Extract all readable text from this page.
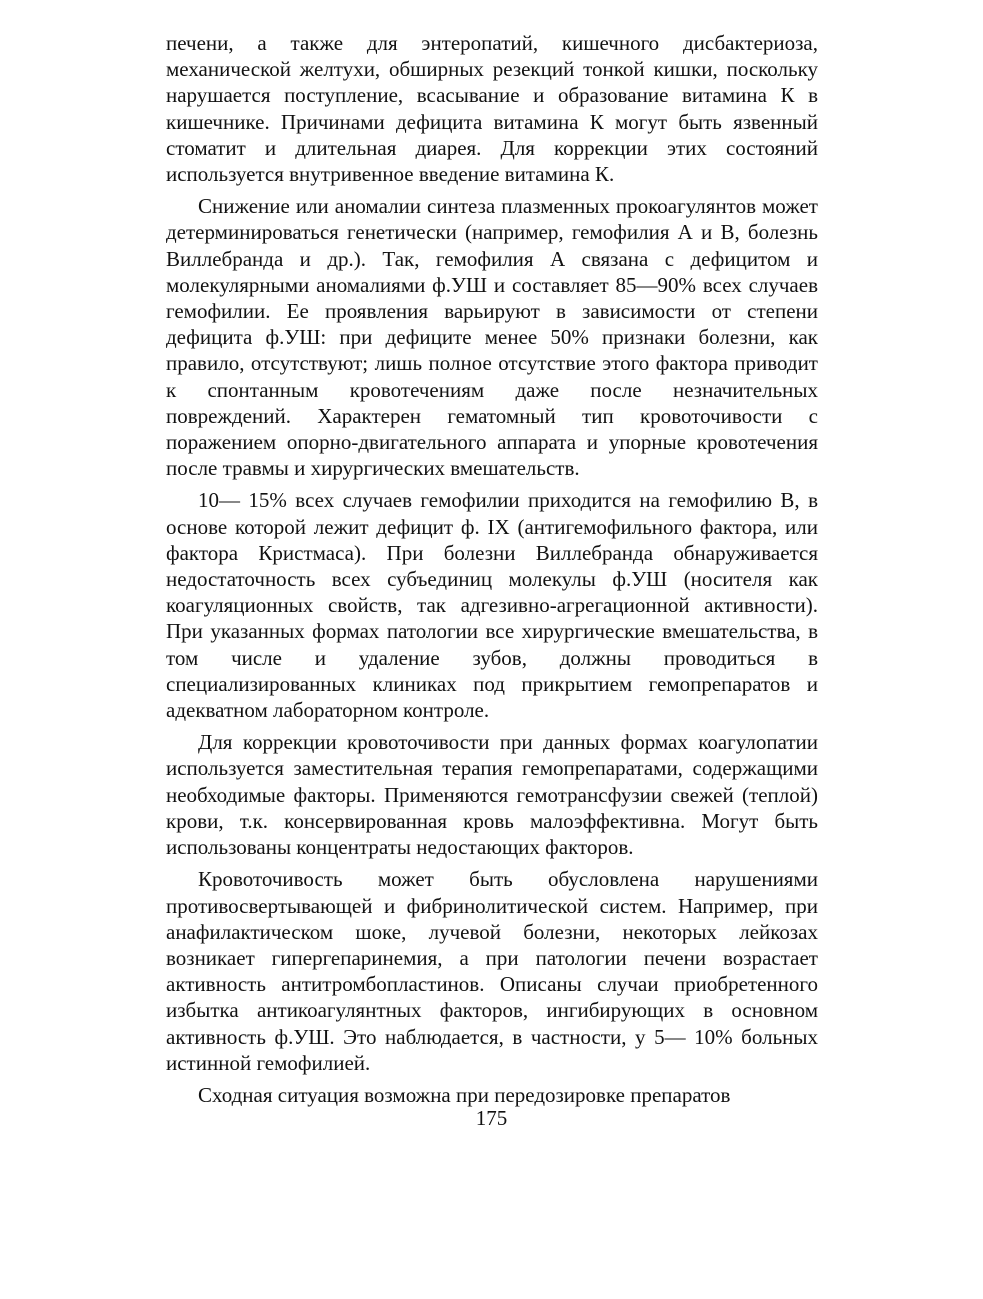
печени, а также для энтеропатий, кишечного дисбактериоза, механической желтухи, обширных резекций тонкой кишки, поскольку нарушается поступление, всасывание и образование витамина К в кишечнике. Причинами дефицита витамина К могут быть язвенный стоматит и длительная диарея. Для коррекции этих состояний используется внутривенное введение витамина К.

Снижение или аномалии синтеза плазменных прокоагулянтов может детерминироваться генетически (например, гемофилия А и В, болезнь Виллебранда и др.). Так, гемофилия А связана с дефицитом и молекулярными аномалиями ф.УШ и составляет 85—90% всех случаев гемофилии. Ее проявления варьируют в зависимости от степени дефицита ф.УШ: при дефиците менее 50% признаки болезни, как правило, отсутствуют; лишь полное отсутствие этого фактора приводит к спонтанным кровотечениям даже после незначительных повреждений. Характерен гематомный тип кровоточивости с поражением опорно-двигательного аппарата и упорные кровотечения после травмы и хирургических вмешательств.

10— 15% всех случаев гемофилии приходится на гемофилию В, в основе которой лежит дефицит ф. IX (антигемофильного фактора, или фактора Кристмаса). При болезни Виллебранда обнаруживается недостаточность всех субъединиц молекулы ф.УШ (носителя как коагуляционных свойств, так адгезивно-агрегационной активности). При указанных формах патологии все хирургические вмешательства, в том числе и удаление зубов, должны проводиться в специализированных клиниках под прикрытием гемопрепаратов и адекватном лабораторном контроле.

Для коррекции кровоточивости при данных формах коагулопатии используется заместительная терапия гемопрепаратами, содержащими необходимые факторы. Применяются гемотрансфузии свежей (теплой) крови, т.к. консервированная кровь малоэффективна. Могут быть использованы концентраты недостающих факторов.

Кровоточивость может быть обусловлена нарушениями противосвертывающей и фибринолитической систем. Например, при анафилактическом шоке, лучевой болезни, некоторых лейкозах возникает гипергепаринемия, а при патологии печени возрастает активность антитромбопластинов. Описаны случаи приобретенного избытка антикоагулянтных факторов, ингибирующих в основном активность ф.УШ. Это наблюдается, в частности, у 5— 10% больных истинной гемофилией.

Сходная ситуация возможна при передозировке препаратов

175
